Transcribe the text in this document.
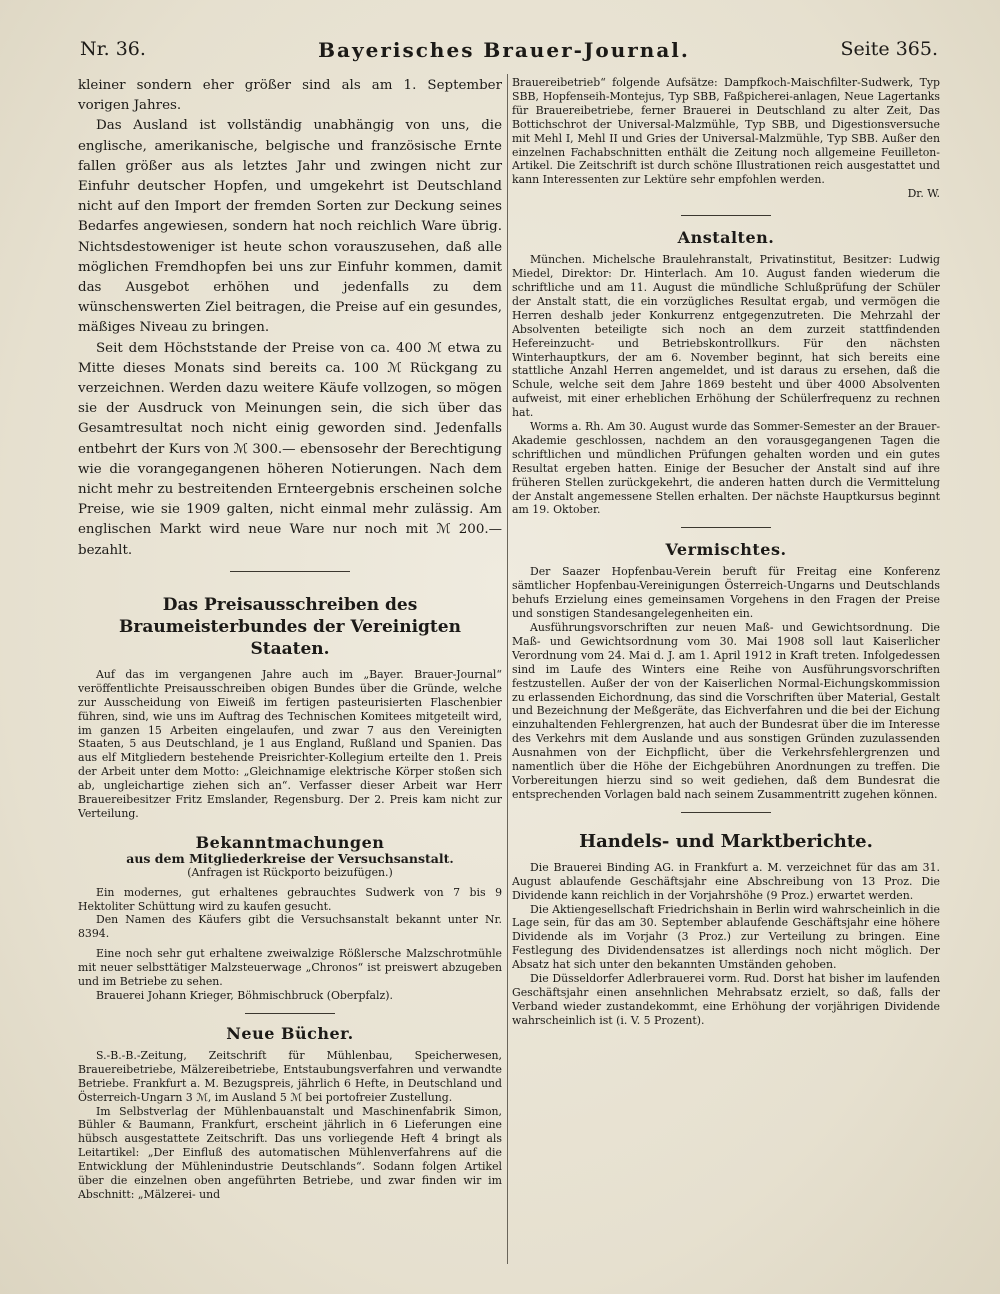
Nr. 36.	Bayerisches Brauer-Journal.	Seite 365.

kleiner sondern eher größer sind als am 1. September vorigen Jahres.

Das Ausland ist vollständig unabhängig von uns, die englische, amerikanische, belgische und französische Ernte fallen größer aus als letztes Jahr und zwingen nicht zur Einfuhr deutscher Hopfen, und umgekehrt ist Deutschland nicht auf den Import der fremden Sorten zur Deckung seines Bedarfes angewiesen, sondern hat noch reichlich Ware übrig. Nichtsdestoweniger ist heute schon vorauszusehen, daß alle möglichen Fremdhopfen bei uns zur Einfuhr kommen, damit das Ausgebot erhöhen und jedenfalls zu dem wünschenswerten Ziel beitragen, die Preise auf ein gesundes, mäßiges Niveau zu bringen.

Seit dem Höchststande der Preise von ca. 400 ℳ etwa zu Mitte dieses Monats sind bereits ca. 100 ℳ Rückgang zu verzeichnen. Werden dazu weitere Käufe vollzogen, so mögen sie der Ausdruck von Meinungen sein, die sich über das Gesamtresultat noch nicht einig geworden sind. Jedenfalls entbehrt der Kurs von ℳ 300.— ebensosehr der Berechtigung wie die vorangegangenen höheren Notierungen. Nach dem nicht mehr zu bestreitenden Ernteergebnis erscheinen solche Preise, wie sie 1909 galten, nicht einmal mehr zulässig. Am englischen Markt wird neue Ware nur noch mit ℳ 200.— bezahlt.

Das Preisausschreiben des Braumeisterbundes der Vereinigten Staaten.

Auf das im vergangenen Jahre auch im „Bayer. Brauer-Journal“ veröffentlichte Preisausschreiben obigen Bundes über die Gründe, welche zur Ausscheidung von Eiweiß im fertigen pasteurisierten Flaschenbier führen, sind, wie uns im Auftrag des Technischen Komitees mitgeteilt wird, im ganzen 15 Arbeiten eingelaufen, und zwar 7 aus den Vereinigten Staaten, 5 aus Deutschland, je 1 aus England, Rußland und Spanien. Das aus elf Mitgliedern bestehende Preisrichter-Kollegium erteilte den 1. Preis der Arbeit unter dem Motto: „Gleichnamige elektrische Körper stoßen sich ab, ungleichartige ziehen sich an“. Verfasser dieser Arbeit war Herr Brauereibesitzer Fritz Emslander, Regensburg. Der 2. Preis kam nicht zur Verteilung.

Bekanntmachungen
aus dem Mitgliederkreise der Versuchsanstalt.
(Anfragen ist Rückporto beizufügen.)

Ein modernes, gut erhaltenes gebrauchtes Sudwerk von 7 bis 9 Hektoliter Schüttung wird zu kaufen gesucht.

Den Namen des Käufers gibt die Versuchsanstalt bekannt unter Nr. 8394.

Eine noch sehr gut erhaltene zweiwalzige Rößlersche Malzschrotmühle mit neuer selbsttätiger Malzsteuerwage „Chronos“ ist preiswert abzugeben und im Betriebe zu sehen.

Brauerei Johann Krieger, Böhmischbruck (Oberpfalz).

Neue Bücher.

S.-B.-B.-Zeitung, Zeitschrift für Mühlenbau, Speicherwesen, Brauereibetriebe, Mälzereibetriebe, Entstaubungsverfahren und verwandte Betriebe. Frankfurt a. M. Bezugspreis, jährlich 6 Hefte, in Deutschland und Österreich-Ungarn 3 ℳ, im Ausland 5 ℳ bei portofreier Zustellung.

Im Selbstverlag der Mühlenbauanstalt und Maschinenfabrik Simon, Bühler & Baumann, Frankfurt, erscheint jährlich in 6 Lieferungen eine hübsch ausgestattete Zeitschrift. Das uns vorliegende Heft 4 bringt als Leitartikel: „Der Einfluß des automatischen Mühlenverfahrens auf die Entwicklung der Mühlenindustrie Deutschlands“. Sodann folgen Artikel über die einzelnen oben angeführten Betriebe, und zwar finden wir im Abschnitt: „Mälzerei- und

Brauereibetrieb“ folgende Aufsätze: Dampfkoch-Maischfilter-Sudwerk, Typ SBB, Hopfenseih-Montejus, Typ SBB, Faßpicherei-anlagen, Neue Lagertanks für Brauereibetriebe, ferner Brauerei in Deutschland zu alter Zeit, Das Bottichschrot der Universal-Malzmühle, Typ SBB, und Digestionsversuche mit Mehl I, Mehl II und Gries der Universal-Malzmühle, Typ SBB. Außer den einzelnen Fachabschnitten enthält die Zeitung noch allgemeine Feuilleton-Artikel. Die Zeitschrift ist durch schöne Illustrationen reich ausgestattet und kann Interessenten zur Lektüre sehr empfohlen werden.

Dr. W.

Anstalten.

München. Michelsche Braulehranstalt, Privatinstitut, Besitzer: Ludwig Miedel, Direktor: Dr. Hinterlach. Am 10. August fanden wiederum die schriftliche und am 11. August die mündliche Schlußprüfung der Schüler der Anstalt statt, die ein vorzügliches Resultat ergab, und vermögen die Herren deshalb jeder Konkurrenz entgegenzutreten. Die Mehrzahl der Absolventen beteiligte sich noch an dem zurzeit stattfindenden Hefereinzucht- und Betriebskontrollkurs. Für den nächsten Winterhauptkurs, der am 6. November beginnt, hat sich bereits eine stattliche Anzahl Herren angemeldet, und ist daraus zu ersehen, daß die Schule, welche seit dem Jahre 1869 besteht und über 4000 Absolventen aufweist, mit einer erheblichen Erhöhung der Schülerfrequenz zu rechnen hat.

Worms a. Rh. Am 30. August wurde das Sommer-Semester an der Brauer-Akademie geschlossen, nachdem an den vorausgegangenen Tagen die schriftlichen und mündlichen Prüfungen gehalten worden und ein gutes Resultat ergeben hatten. Einige der Besucher der Anstalt sind auf ihre früheren Stellen zurückgekehrt, die anderen hatten durch die Vermittelung der Anstalt angemessene Stellen erhalten. Der nächste Hauptkursus beginnt am 19. Oktober.

Vermischtes.

Der Saazer Hopfenbau-Verein beruft für Freitag eine Konferenz sämtlicher Hopfenbau-Vereinigungen Österreich-Ungarns und Deutschlands behufs Erzielung eines gemeinsamen Vorgehens in den Fragen der Preise und sonstigen Standesangelegenheiten ein.

Ausführungsvorschriften zur neuen Maß- und Gewichtsordnung. Die Maß- und Gewichtsordnung vom 30. Mai 1908 soll laut Kaiserlicher Verordnung vom 24. Mai d. J. am 1. April 1912 in Kraft treten. Infolgedessen sind im Laufe des Winters eine Reihe von Ausführungsvorschriften festzustellen. Außer der von der Kaiserlichen Normal-Eichungskommission zu erlassenden Eichordnung, das sind die Vorschriften über Material, Gestalt und Bezeichnung der Meßgeräte, das Eichverfahren und die bei der Eichung einzuhaltenden Fehlergrenzen, hat auch der Bundesrat über die im Interesse des Verkehrs mit dem Auslande und aus sonstigen Gründen zuzulassenden Ausnahmen von der Eichpflicht, über die Verkehrsfehlergrenzen und namentlich über die Höhe der Eichgebühren Anordnungen zu treffen. Die Vorbereitungen hierzu sind so weit gediehen, daß dem Bundesrat die entsprechenden Vorlagen bald nach seinem Zusammentritt zugehen können.

Handels- und Marktberichte.

Die Brauerei Binding AG. in Frankfurt a. M. verzeichnet für das am 31. August ablaufende Geschäftsjahr eine Abschreibung von 13 Proz. Die Dividende kann reichlich in der Vorjahrshöhe (9 Proz.) erwartet werden.

Die Aktiengesellschaft Friedrichshain in Berlin wird wahrscheinlich in die Lage sein, für das am 30. September ablaufende Geschäftsjahr eine höhere Dividende als im Vorjahr (3 Proz.) zur Verteilung zu bringen. Eine Festlegung des Dividendensatzes ist allerdings noch nicht möglich. Der Absatz hat sich unter den bekannten Umständen gehoben.

Die Düsseldorfer Adlerbrauerei vorm. Rud. Dorst hat bisher im laufenden Geschäftsjahr einen ansehnlichen Mehrabsatz erzielt, so daß, falls der Verband wieder zustandekommt, eine Erhöhung der vorjährigen Dividende wahrscheinlich ist (i. V. 5 Prozent).
